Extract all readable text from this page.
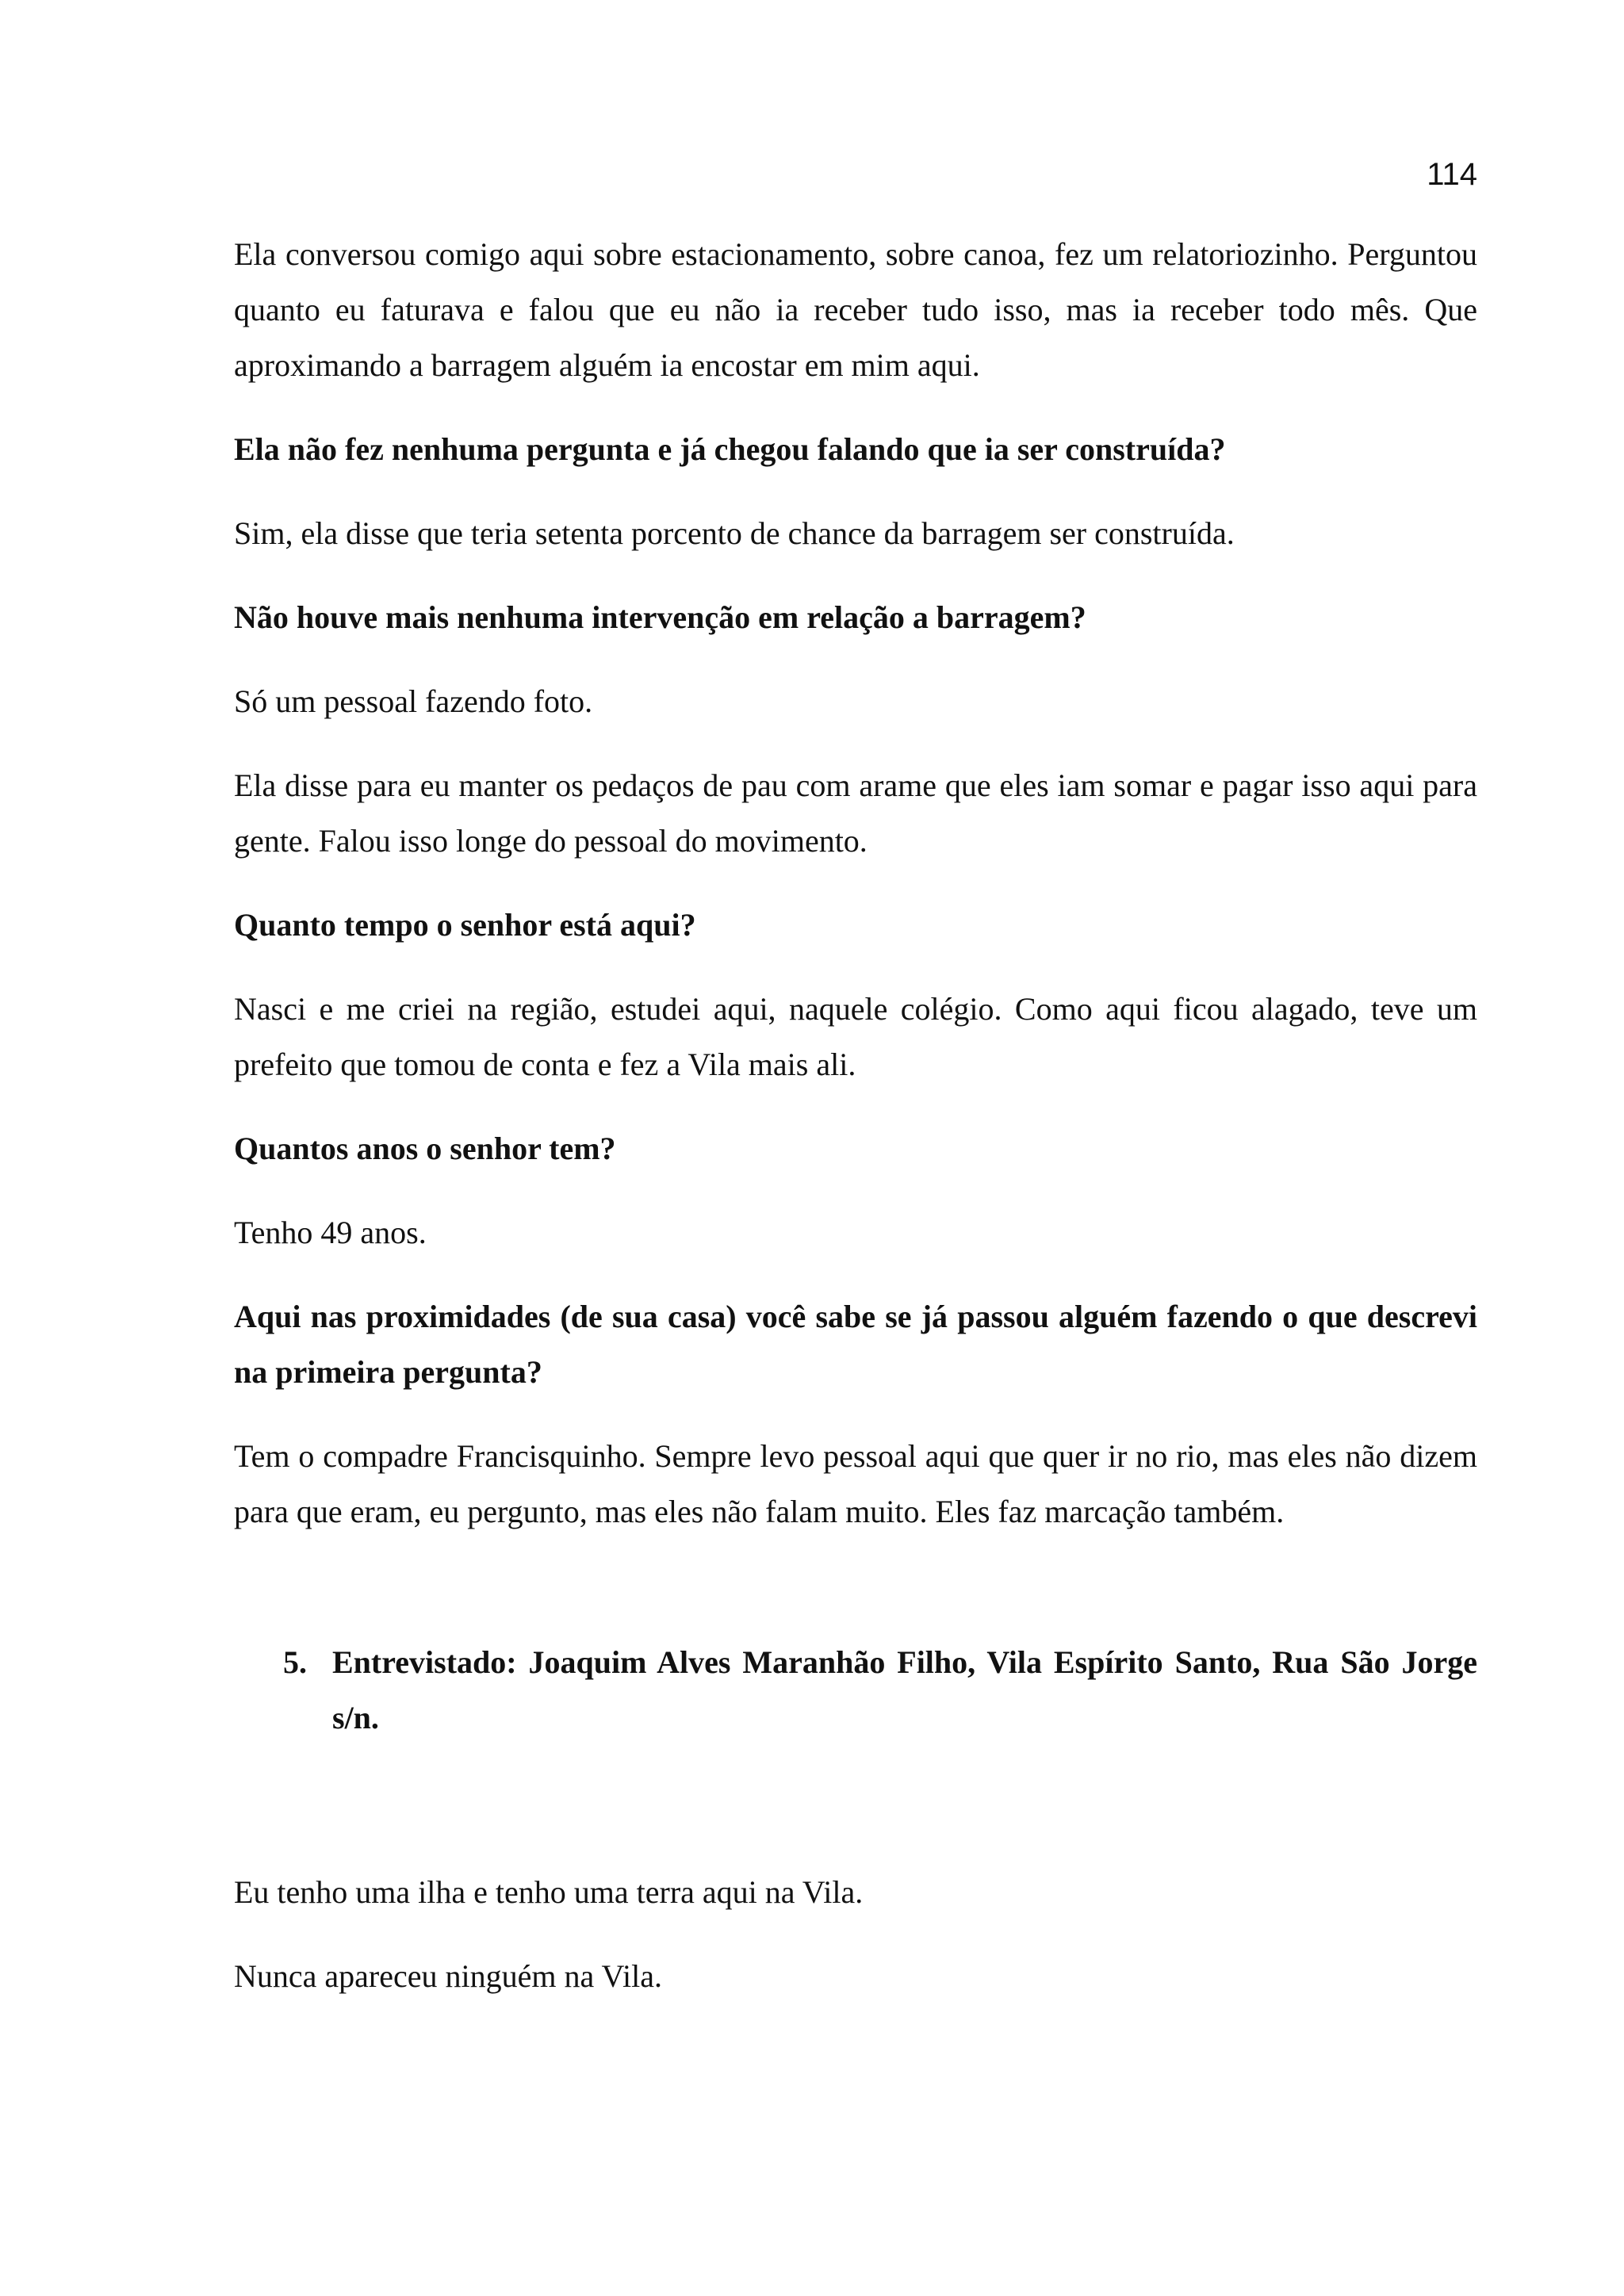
114

Ela conversou comigo aqui sobre estacionamento, sobre canoa, fez um relatoriozinho. Perguntou quanto eu faturava e falou que eu não ia receber tudo isso, mas ia receber todo mês. Que aproximando a barragem alguém ia encostar em mim aqui.

Ela não fez nenhuma pergunta e já chegou falando que ia ser construída?

Sim, ela disse que teria setenta porcento de chance da barragem ser construída.

Não houve mais nenhuma intervenção em relação a barragem?

Só um pessoal fazendo foto.

Ela disse para eu manter os pedaços de pau com arame que eles iam somar e pagar isso aqui para gente. Falou isso longe do pessoal do movimento.

Quanto tempo o senhor está aqui?

Nasci e me criei na região, estudei aqui, naquele colégio. Como aqui ficou alagado, teve um prefeito que tomou de conta e fez a Vila mais ali.

Quantos anos o senhor tem?

Tenho 49 anos.

Aqui nas proximidades (de sua casa) você sabe se já passou alguém fazendo o que descrevi na primeira pergunta?

Tem o compadre Francisquinho. Sempre levo pessoal aqui que quer ir no rio, mas eles não dizem para que eram, eu pergunto, mas eles não falam muito. Eles faz marcação também.

5. Entrevistado: Joaquim Alves Maranhão Filho, Vila Espírito Santo, Rua São Jorge s/n.

Eu tenho uma ilha e tenho uma terra aqui na Vila.

Nunca apareceu ninguém na Vila.
